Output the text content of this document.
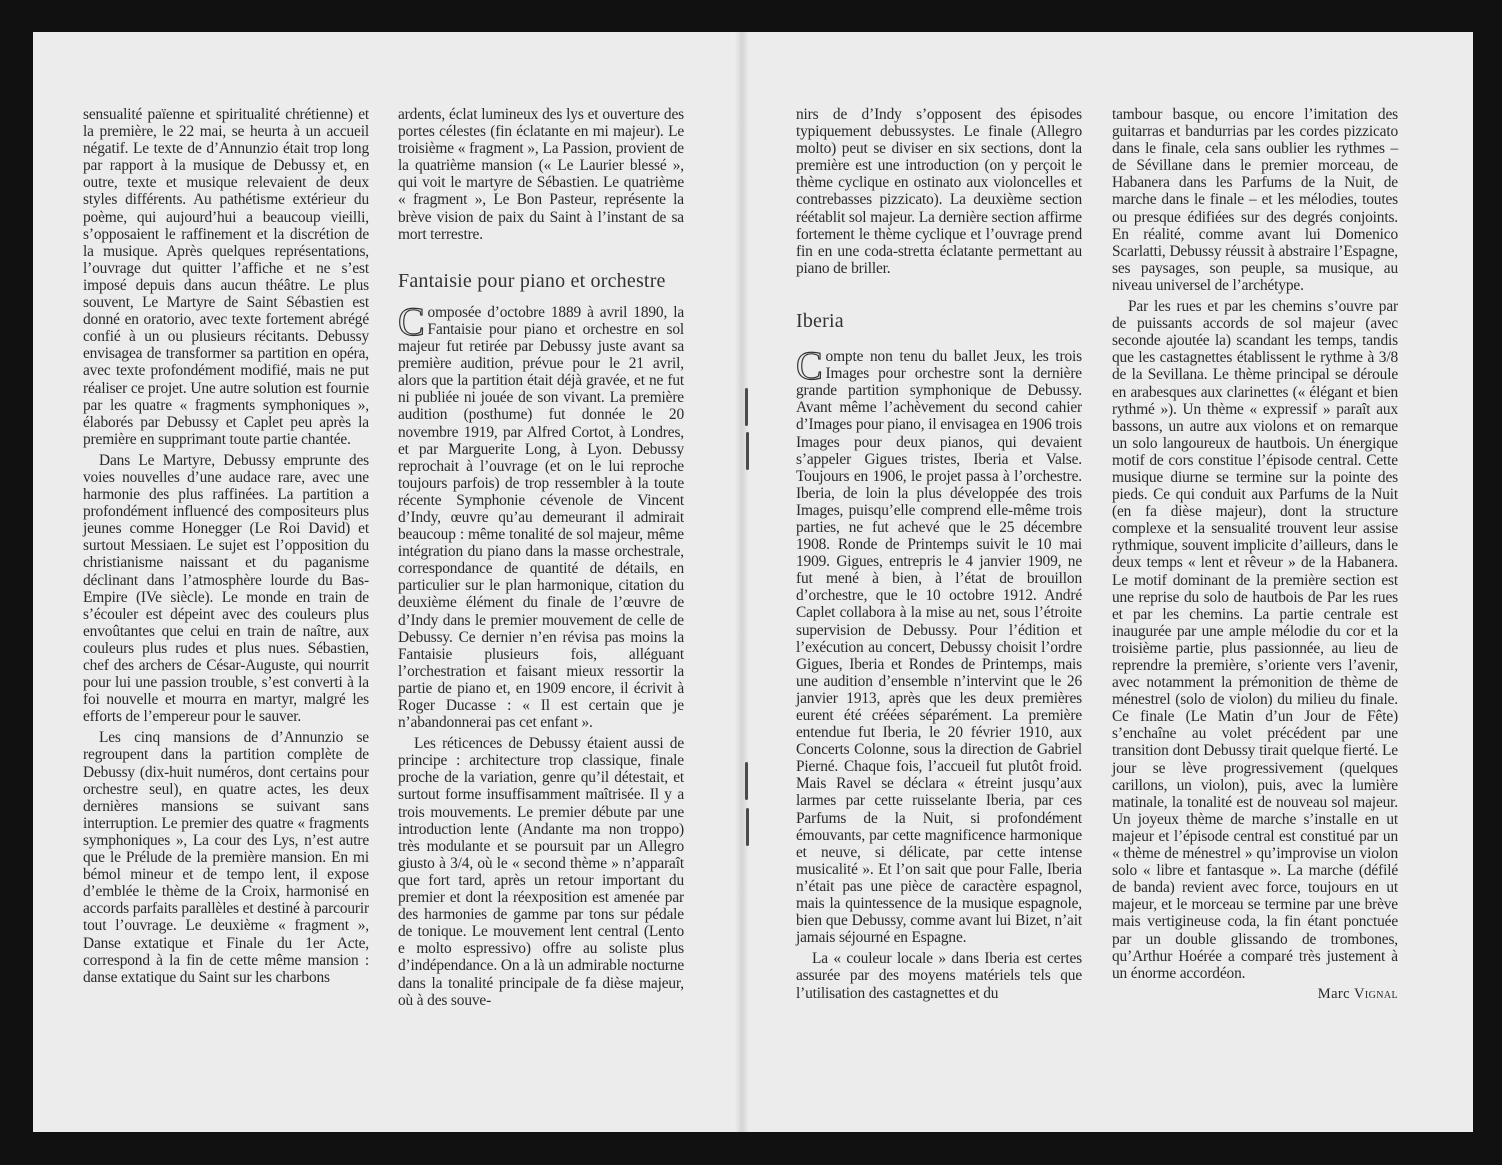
sensualité païenne et spiritualité chrétienne) et la première, le 22 mai, se heurta à un accueil négatif. Le texte de d’Annunzio était trop long par rapport à la musique de Debussy et, en outre, texte et musique relevaient de deux styles différents. Au pathétisme extérieur du poème, qui aujourd’hui a beaucoup vieilli, s’opposaient le raffinement et la discrétion de la musique. Après quelques représentations, l’ouvrage dut quitter l’affiche et ne s’est imposé depuis dans aucun théâtre. Le plus souvent, Le Martyre de Saint Sébastien est donné en oratorio, avec texte fortement abrégé confié à un ou plusieurs récitants. Debussy envisagea de transformer sa partition en opéra, avec texte profondément modifié, mais ne put réaliser ce projet. Une autre solution est fournie par les quatre « fragments symphoniques », élaborés par Debussy et Caplet peu après la première en supprimant toute partie chantée.

Dans Le Martyre, Debussy emprunte des voies nouvelles d’une audace rare, avec une harmonie des plus raffinées. La partition a profondément influencé des compositeurs plus jeunes comme Honegger (Le Roi David) et surtout Messiaen. Le sujet est l’opposition du christianisme naissant et du paganisme déclinant dans l’atmosphère lourde du Bas-Empire (IVe siècle). Le monde en train de s’écouler est dépeint avec des couleurs plus envoûtantes que celui en train de naître, aux couleurs plus rudes et plus nues. Sébastien, chef des archers de César-Auguste, qui nourrit pour lui une passion trouble, s’est converti à la foi nouvelle et mourra en martyr, malgré les efforts de l’empereur pour le sauver.

Les cinq mansions de d’Annunzio se regroupent dans la partition complète de Debussy (dix-huit numéros, dont certains pour orchestre seul), en quatre actes, les deux dernières mansions se suivant sans interruption. Le premier des quatre « fragments symphoniques », La cour des Lys, n’est autre que le Prélude de la première mansion. En mi bémol mineur et de tempo lent, il expose d’emblée le thème de la Croix, harmonisé en accords parfaits parallèles et destiné à parcourir tout l’ouvrage. Le deuxième « fragment », Danse extatique et Finale du 1er Acte, correspond à la fin de cette même mansion : danse extatique du Saint sur les charbons

ardents, éclat lumineux des lys et ouverture des portes célestes (fin éclatante en mi majeur). Le troisième « fragment », La Passion, provient de la quatrième mansion (« Le Laurier blessé », qui voit le martyre de Sébastien. Le quatrième « fragment », Le Bon Pasteur, représente la brève vision de paix du Saint à l’instant de sa mort terrestre.

Fantaisie pour piano et orchestre

Composée d’octobre 1889 à avril 1890, la Fantaisie pour piano et orchestre en sol majeur fut retirée par Debussy juste avant sa première audition, prévue pour le 21 avril, alors que la partition était déjà gravée, et ne fut ni publiée ni jouée de son vivant. La première audition (posthume) fut donnée le 20 novembre 1919, par Alfred Cortot, à Londres, et par Marguerite Long, à Lyon. Debussy reprochait à l’ouvrage (et on le lui reproche toujours parfois) de trop ressembler à la toute récente Symphonie cévenole de Vincent d’Indy, œuvre qu’au demeurant il admirait beaucoup : même tonalité de sol majeur, même intégration du piano dans la masse orchestrale, correspondance de quantité de détails, en particulier sur le plan harmonique, citation du deuxième élément du finale de l’œuvre de d’Indy dans le premier mouvement de celle de Debussy. Ce dernier n’en révisa pas moins la Fantaisie plusieurs fois, alléguant l’orchestration et faisant mieux ressortir la partie de piano et, en 1909 encore, il écrivit à Roger Ducasse : « Il est certain que je n’abandonnerai pas cet enfant ».

Les réticences de Debussy étaient aussi de principe : architecture trop classique, finale proche de la variation, genre qu’il détestait, et surtout forme insuffisamment maîtrisée. Il y a trois mouvements. Le premier débute par une introduction lente (Andante ma non troppo) très modulante et se poursuit par un Allegro giusto à 3/4, où le « second thème » n’apparaît que fort tard, après un retour important du premier et dont la réexposition est amenée par des harmonies de gamme par tons sur pédale de tonique. Le mouvement lent central (Lento e molto espressivo) offre au soliste plus d’indépendance. On a là un admirable nocturne dans la tonalité principale de fa dièse majeur, où à des souve-

nirs de d’Indy s’opposent des épisodes typiquement debussystes. Le finale (Allegro molto) peut se diviser en six sections, dont la première est une introduction (on y perçoit le thème cyclique en ostinato aux violoncelles et contrebasses pizzicato). La deuxième section réétablit sol majeur. La dernière section affirme fortement le thème cyclique et l’ouvrage prend fin en une coda-stretta éclatante permettant au piano de briller.

Iberia

Compte non tenu du ballet Jeux, les trois Images pour orchestre sont la dernière grande partition symphonique de Debussy. Avant même l’achèvement du second cahier d’Images pour piano, il envisagea en 1906 trois Images pour deux pianos, qui devaient s’appeler Gigues tristes, Iberia et Valse. Toujours en 1906, le projet passa à l’orchestre. Iberia, de loin la plus développée des trois Images, puisqu’elle comprend elle-même trois parties, ne fut achevé que le 25 décembre 1908. Ronde de Printemps suivit le 10 mai 1909. Gigues, entrepris le 4 janvier 1909, ne fut mené à bien, à l’état de brouillon d’orchestre, que le 10 octobre 1912. André Caplet collabora à la mise au net, sous l’étroite supervision de Debussy. Pour l’édition et l’exécution au concert, Debussy choisit l’ordre Gigues, Iberia et Rondes de Printemps, mais une audition d’ensemble n’intervint que le 26 janvier 1913, après que les deux premières eurent été créées séparément. La première entendue fut Iberia, le 20 février 1910, aux Concerts Colonne, sous la direction de Gabriel Pierné. Chaque fois, l’accueil fut plutôt froid. Mais Ravel se déclara « étreint jusqu’aux larmes par cette ruisselante Iberia, par ces Parfums de la Nuit, si profondément émouvants, par cette magnificence harmonique et neuve, si délicate, par cette intense musicalité ». Et l’on sait que pour Falle, Iberia n’était pas une pièce de caractère espagnol, mais la quintessence de la musique espagnole, bien que Debussy, comme avant lui Bizet, n’ait jamais séjourné en Espagne.

La « couleur locale » dans Iberia est certes assurée par des moyens matériels tels que l’utilisation des castagnettes et du

tambour basque, ou encore l’imitation des guitarras et bandurrias par les cordes pizzicato dans le finale, cela sans oublier les rythmes – de Sévillane dans le premier morceau, de Habanera dans les Parfums de la Nuit, de marche dans le finale – et les mélodies, toutes ou presque édifiées sur des degrés conjoints. En réalité, comme avant lui Domenico Scarlatti, Debussy réussit à abstraire l’Espagne, ses paysages, son peuple, sa musique, au niveau universel de l’archétype.

Par les rues et par les chemins s’ouvre par de puissants accords de sol majeur (avec seconde ajoutée la) scandant les temps, tandis que les castagnettes établissent le rythme à 3/8 de la Sevillana. Le thème principal se déroule en arabesques aux clarinettes (« élégant et bien rythmé »). Un thème « expressif » paraît aux bassons, un autre aux violons et on remarque un solo langoureux de hautbois. Un énergique motif de cors constitue l’épisode central. Cette musique diurne se termine sur la pointe des pieds. Ce qui conduit aux Parfums de la Nuit (en fa dièse majeur), dont la structure complexe et la sensualité trouvent leur assise rythmique, souvent implicite d’ailleurs, dans le deux temps « lent et rêveur » de la Habanera. Le motif dominant de la première section est une reprise du solo de hautbois de Par les rues et par les chemins. La partie centrale est inaugurée par une ample mélodie du cor et la troisième partie, plus passionnée, au lieu de reprendre la première, s’oriente vers l’avenir, avec notamment la prémonition de thème de ménestrel (solo de violon) du milieu du finale. Ce finale (Le Matin d’un Jour de Fête) s’enchaîne au volet précédent par une transition dont Debussy tirait quelque fierté. Le jour se lève progressivement (quelques carillons, un violon), puis, avec la lumière matinale, la tonalité est de nouveau sol majeur. Un joyeux thème de marche s’installe en ut majeur et l’épisode central est constitué par un « thème de ménestrel » qu’improvise un violon solo « libre et fantasque ». La marche (défilé de banda) revient avec force, toujours en ut majeur, et le morceau se termine par une brève mais vertigineuse coda, la fin étant ponctuée par un double glissando de trombones, qu’Arthur Hoérée a comparé très justement à un énorme accordéon.

Marc Vignal
